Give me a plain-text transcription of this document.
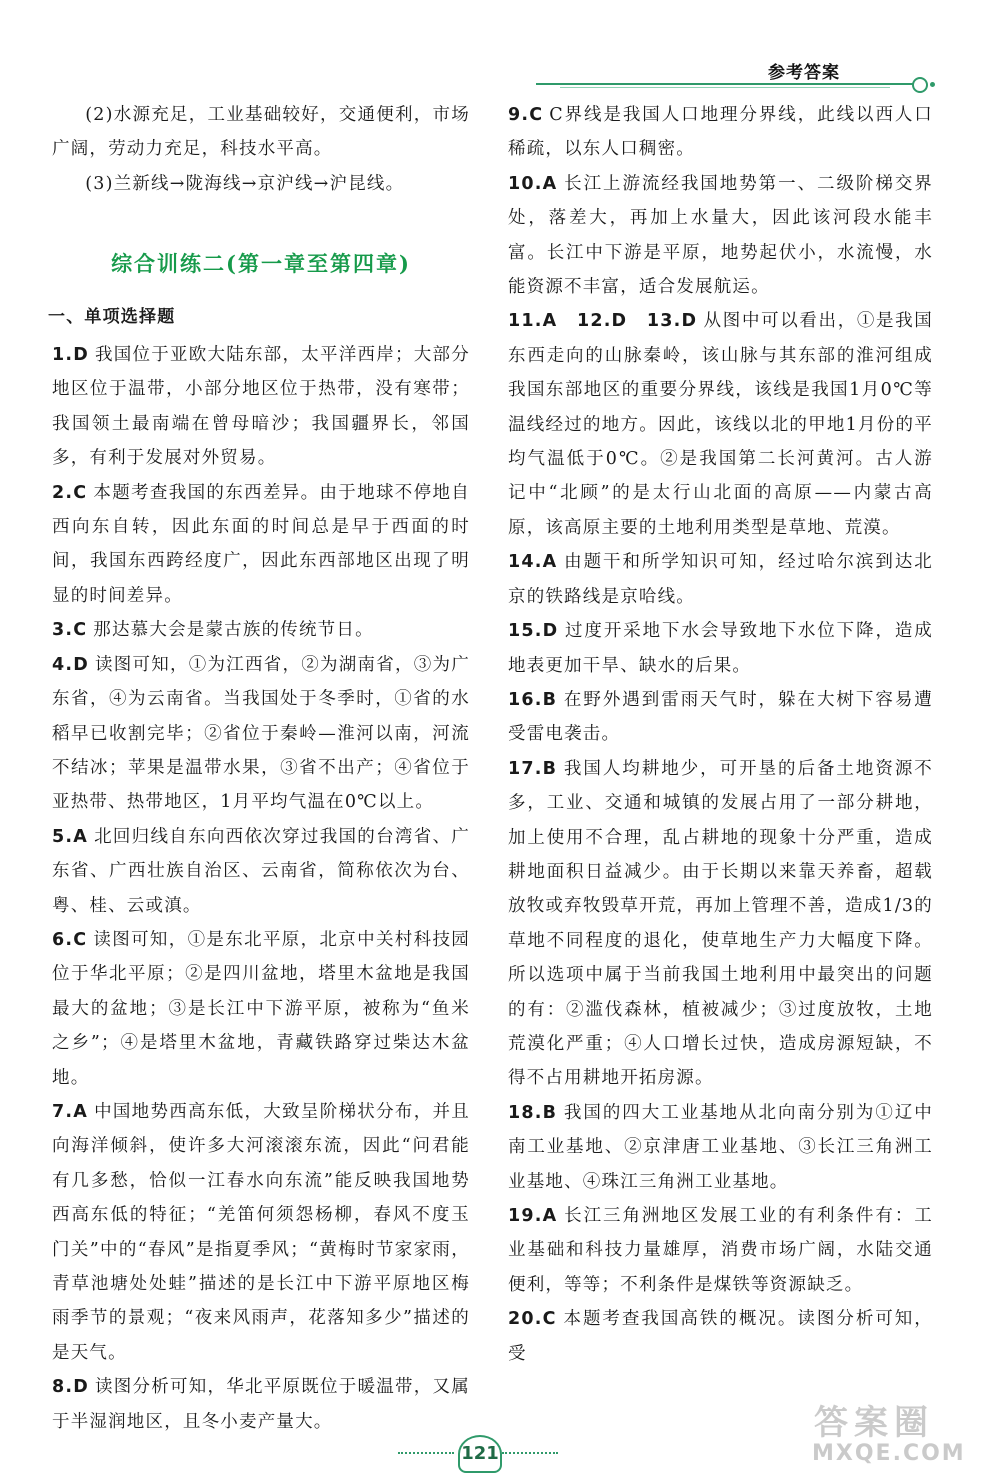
参考答案

(2)水源充足，工业基础较好，交通便利，市场广阔，劳动力充足，科技水平高。

(3)兰新线→陇海线→京沪线→沪昆线。

综合训练二(第一章至第四章)
一、单项选择题

1.D 我国位于亚欧大陆东部，太平洋西岸；大部分地区位于温带，小部分地区位于热带，没有寒带；我国领土最南端在曾母暗沙；我国疆界长，邻国多，有利于发展对外贸易。

2.C 本题考查我国的东西差异。由于地球不停地自西向东自转，因此东面的时间总是早于西面的时间，我国东西跨经度广，因此东西部地区出现了明显的时间差异。

3.C 那达慕大会是蒙古族的传统节日。

4.D 读图可知，①为江西省，②为湖南省，③为广东省，④为云南省。当我国处于冬季时，①省的水稻早已收割完毕；②省位于秦岭—淮河以南，河流不结冰；苹果是温带水果，③省不出产；④省位于亚热带、热带地区，1月平均气温在0℃以上。

5.A 北回归线自东向西依次穿过我国的台湾省、广东省、广西壮族自治区、云南省，简称依次为台、粤、桂、云或滇。

6.C 读图可知，①是东北平原，北京中关村科技园位于华北平原；②是四川盆地，塔里木盆地是我国最大的盆地；③是长江中下游平原，被称为“鱼米之乡”；④是塔里木盆地，青藏铁路穿过柴达木盆地。

7.A 中国地势西高东低，大致呈阶梯状分布，并且向海洋倾斜，使许多大河滚滚东流，因此“问君能有几多愁，恰似一江春水向东流”能反映我国地势西高东低的特征；“羌笛何须怨杨柳，春风不度玉门关”中的“春风”是指夏季风；“黄梅时节家家雨，青草池塘处处蛙”描述的是长江中下游平原地区梅雨季节的景观；“夜来风雨声，花落知多少”描述的是天气。

8.D 读图分析可知，华北平原既位于暖温带，又属于半湿润地区，且冬小麦产量大。

9.C C界线是我国人口地理分界线，此线以西人口稀疏，以东人口稠密。

10.A 长江上游流经我国地势第一、二级阶梯交界处，落差大，再加上水量大，因此该河段水能丰富。长江中下游是平原，地势起伏小，水流慢，水能资源不丰富，适合发展航运。

11.A　12.D　13.D 从图中可以看出，①是我国东西走向的山脉秦岭，该山脉与其东部的淮河组成我国东部地区的重要分界线，该线是我国1月0℃等温线经过的地方。因此，该线以北的甲地1月份的平均气温低于0℃。②是我国第二长河黄河。古人游记中“北顾”的是太行山北面的高原——内蒙古高原，该高原主要的土地利用类型是草地、荒漠。

14.A 由题干和所学知识可知，经过哈尔滨到达北京的铁路线是京哈线。

15.D 过度开采地下水会导致地下水位下降，造成地表更加干旱、缺水的后果。

16.B 在野外遇到雷雨天气时，躲在大树下容易遭受雷电袭击。

17.B 我国人均耕地少，可开垦的后备土地资源不多，工业、交通和城镇的发展占用了一部分耕地，加上使用不合理，乱占耕地的现象十分严重，造成耕地面积日益减少。由于长期以来靠天养畜，超载放牧或弃牧毁草开荒，再加上管理不善，造成1/3的草地不同程度的退化，使草地生产力大幅度下降。所以选项中属于当前我国土地利用中最突出的问题的有：②滥伐森林，植被减少；③过度放牧，土地荒漠化严重；④人口增长过快，造成房源短缺，不得不占用耕地开拓房源。

18.B 我国的四大工业基地从北向南分别为①辽中南工业基地、②京津唐工业基地、③长江三角洲工业基地、④珠江三角洲工业基地。

19.A 长江三角洲地区发展工业的有利条件有：工业基础和科技力量雄厚，消费市场广阔，水陆交通便利，等等；不利条件是煤铁等资源缺乏。

20.C 本题考查我国高铁的概况。读图分析可知，受

121
答案圈
MXQE.COM
